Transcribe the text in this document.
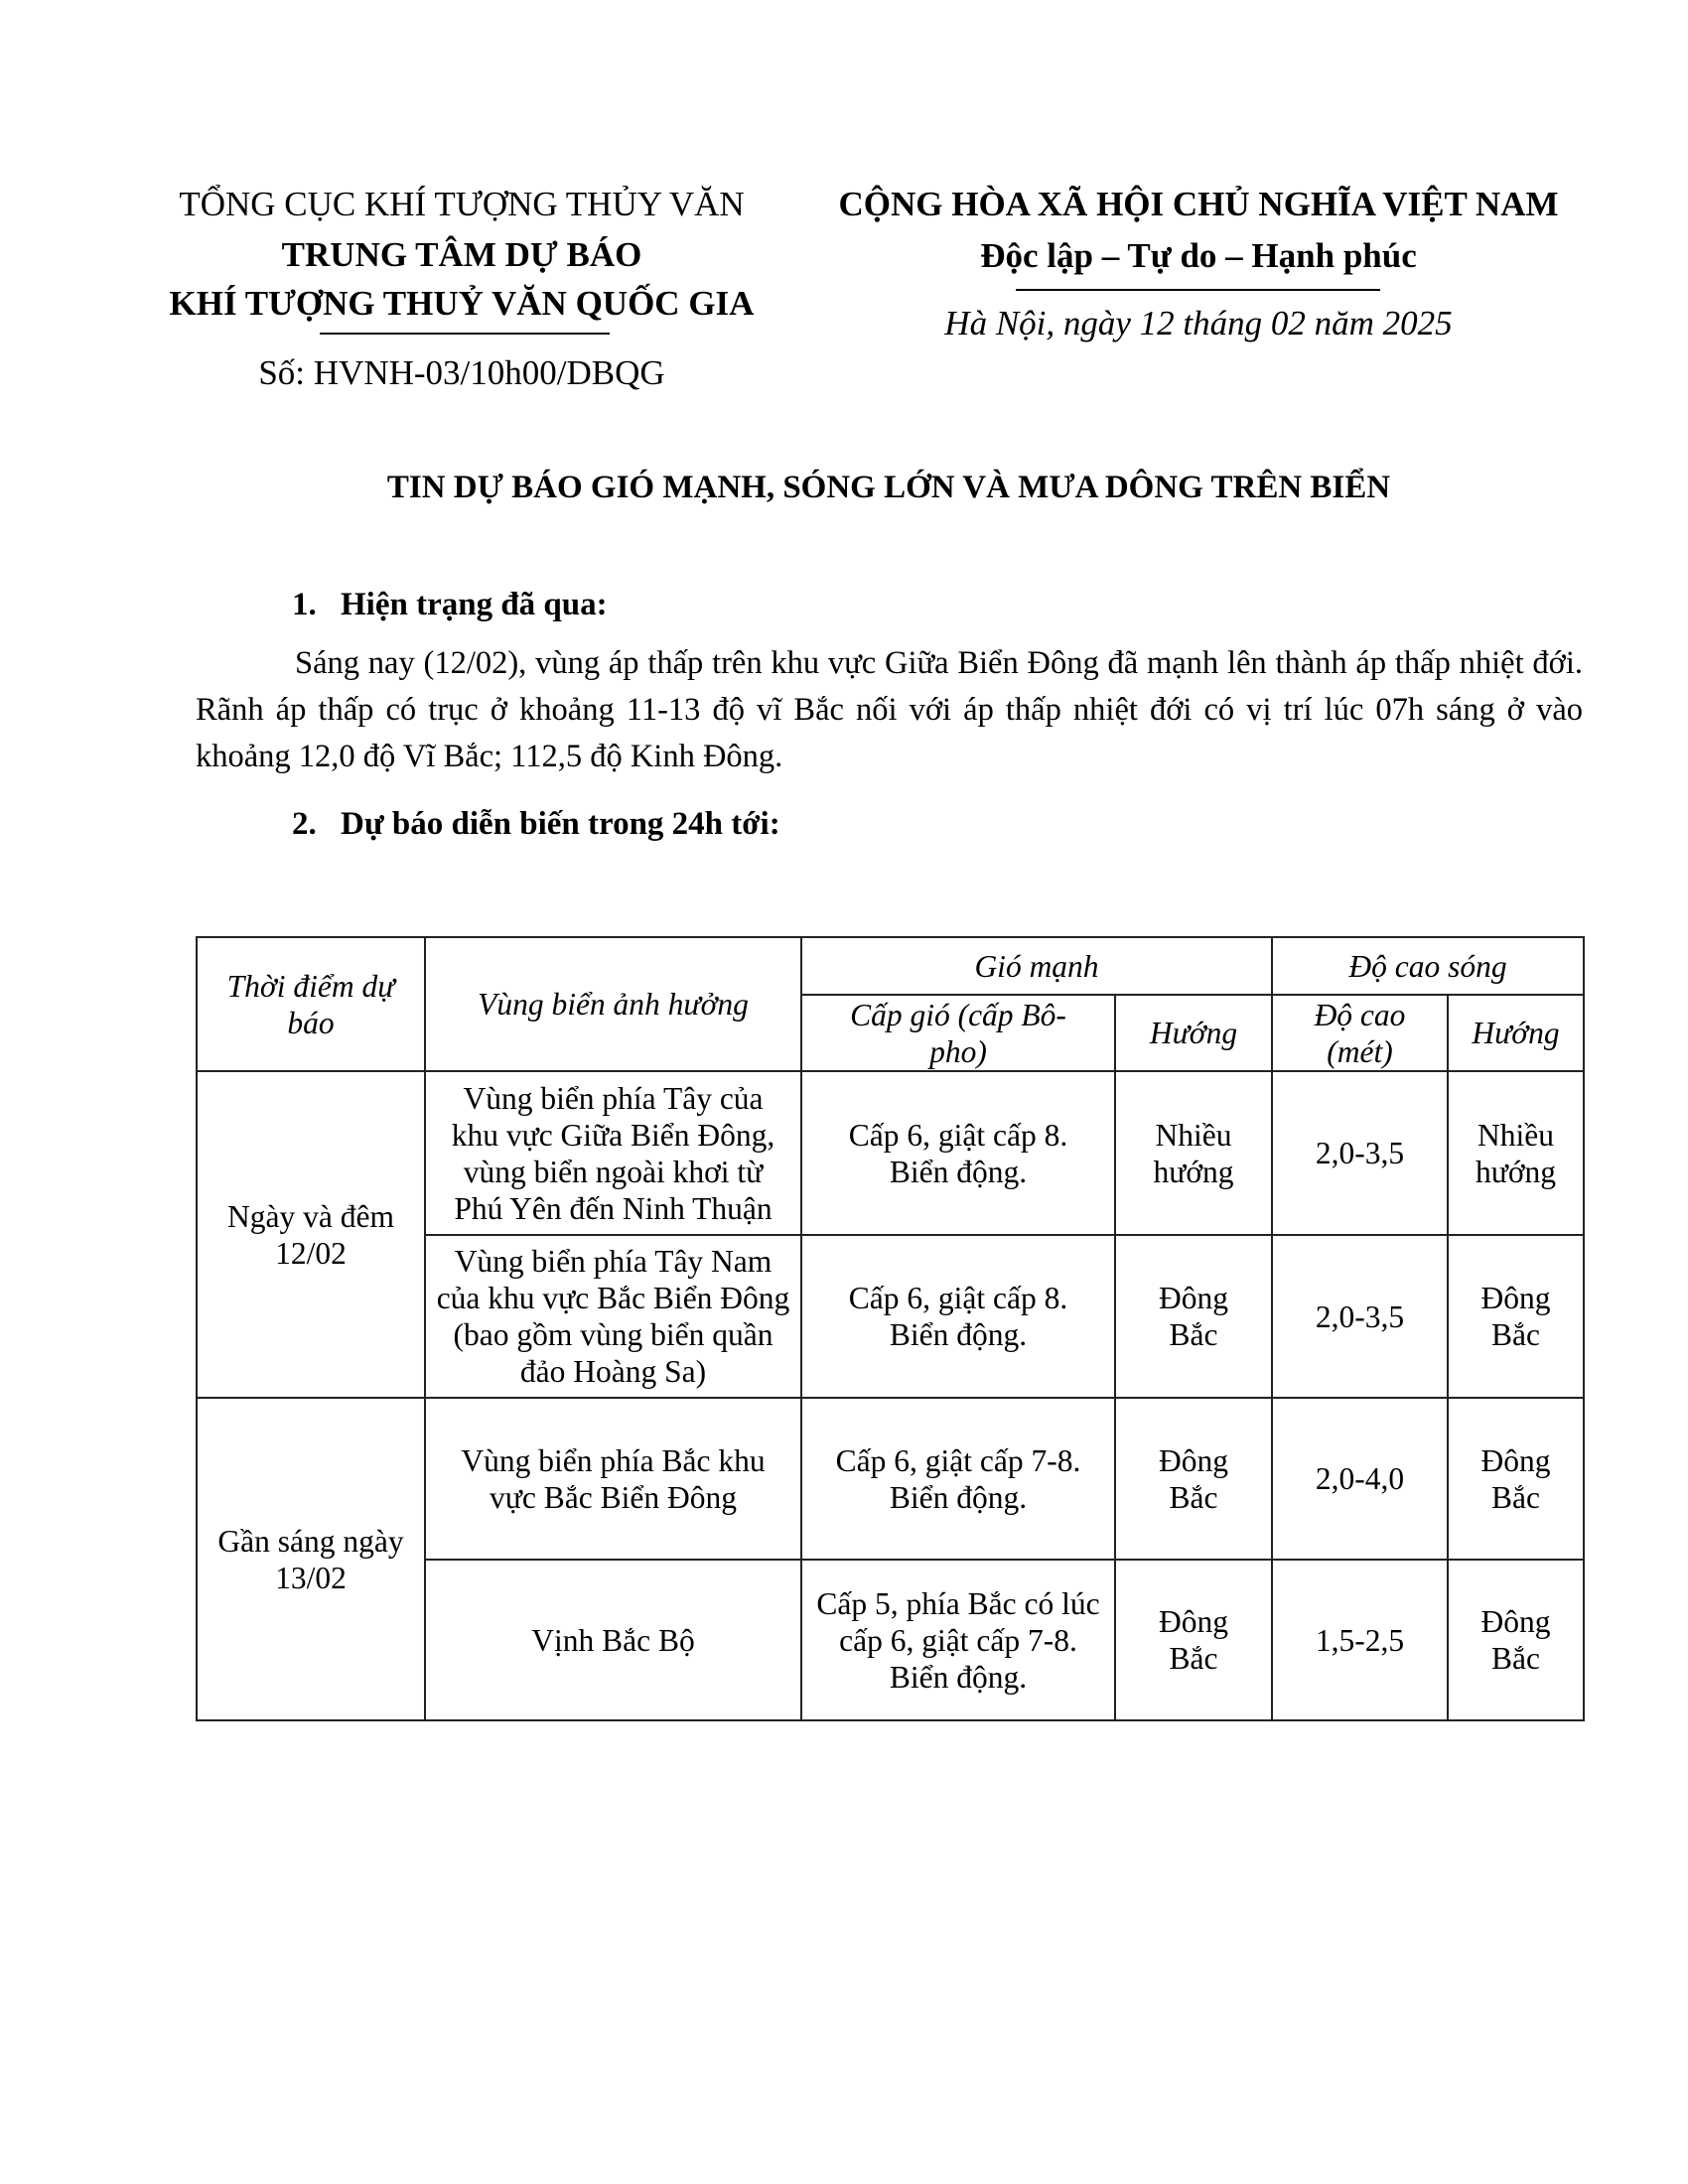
TỔNG CỤC KHÍ TƯỢNG THỦY VĂN
TRUNG TÂM DỰ BÁO
KHÍ TƯỢNG THUỶ VĂN QUỐC GIA
Số: HVNH-03/10h00/DBQG
CỘNG HÒA XÃ HỘI CHỦ NGHĨA VIỆT NAM
Độc lập – Tự do – Hạnh phúc
Hà Nội, ngày 12 tháng 02 năm 2025
TIN DỰ BÁO GIÓ MẠNH, SÓNG LỚN VÀ MƯA DÔNG TRÊN BIỂN
1. Hiện trạng đã qua:

Sáng nay (12/02), vùng áp thấp trên khu vực Giữa Biển Đông đã mạnh lên thành áp thấp nhiệt đới. Rãnh áp thấp có trục ở khoảng 11-13 độ vĩ Bắc nối với áp thấp nhiệt đới có vị trí lúc 07h sáng ở vào khoảng 12,0 độ Vĩ Bắc; 112,5 độ Kinh Đông.

2. Dự báo diễn biến trong 24h tới:
Thời điểm dự báo	Vùng biển ảnh hưởng	Gió mạnh		Độ cao sóng	
		Cấp gió (cấp Bô-pho)	Hướng	Độ cao (mét)	Hướng
Ngày và đêm 12/02	Vùng biển phía Tây của khu vực Giữa Biển Đông, vùng biển ngoài khơi từ Phú Yên đến Ninh Thuận	Cấp 6, giật cấp 8. Biển động.	Nhiều hướng	2,0-3,5	Nhiều hướng
	Vùng biển phía Tây Nam của khu vực Bắc Biển Đông (bao gồm vùng biển quần đảo Hoàng Sa)	Cấp 6, giật cấp 8. Biển động.	Đông Bắc	2,0-3,5	Đông Bắc
Gần sáng ngày 13/02	Vùng biển phía Bắc khu vực Bắc Biển Đông	Cấp 6, giật cấp 7-8. Biển động.	Đông Bắc	2,0-4,0	Đông Bắc
	Vịnh Bắc Bộ	Cấp 5, phía Bắc có lúc cấp 6, giật cấp 7-8. Biển động.	Đông Bắc	1,5-2,5	Đông Bắc
